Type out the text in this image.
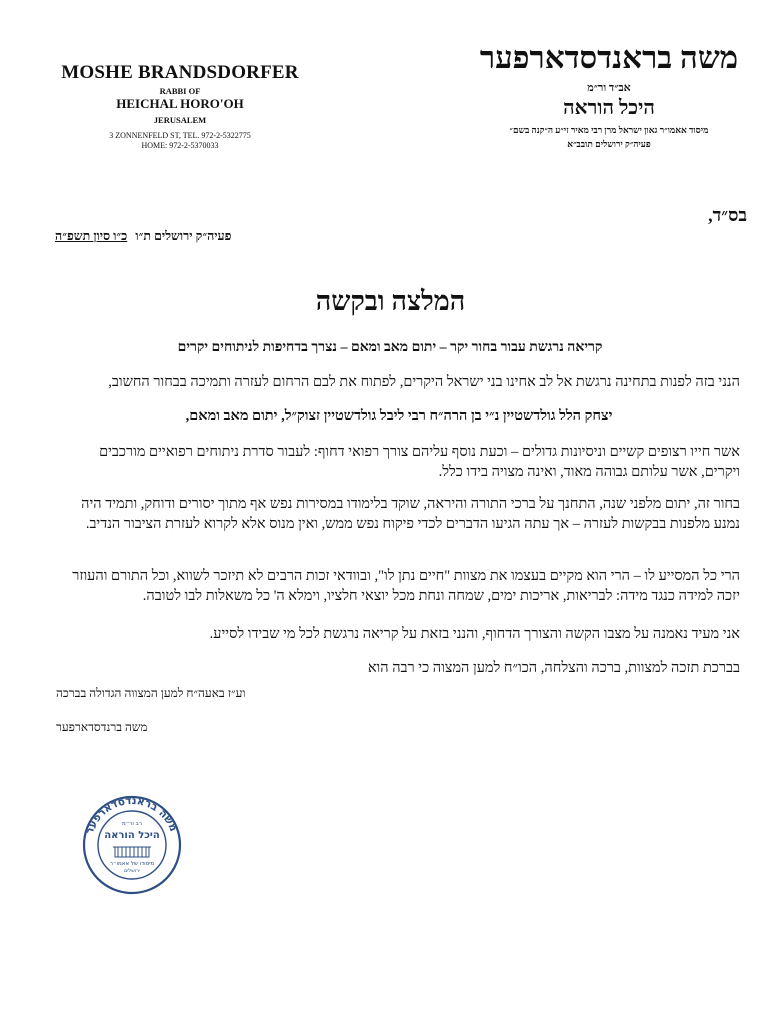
MOSHE BRANDSDORFER
RABBI OF
HEICHAL HORO'OH
JERUSALEM
3 ZONNENFELD ST, TEL. 972-2-5322775
HOME: 972-2-5370033
משה בראנדסדארפער
אב״ד ור״מ
היכל הוראה
מיסוד אאמו״ר גאון ישראל מרן רבי מאיר זי״ע ה״קנה בשם״
פעיה״ק ירושלים תובב״א
בס״ד,
פעיה״ק ירושלים ת״ו כ״ו סיון תשפ״ה
המלצה ובקשה
קריאה נרגשת עבור בחור יקר – יתום מאב ומאם – נצרך בדחיפות לניתוחים יקרים
הנני בזה לפנות בתחינה נרגשת אל לב אחינו בני ישראל היקרים, לפתוח את לבם הרחום לעזרה ותמיכה בבחור החשוב,
יצחק הלל גולדשטיין נ״י בן הרה״ח רבי ליבל גולדשטיין זצוק״ל, יתום מאב ומאם,
אשר חייו רצופים קשיים וניסיונות גדולים – וכעת נוסף עליהם צורך רפואי דחוף: לעבור סדרת ניתוחים רפואיים מורכבים ויקרים, אשר עלותם גבוהה מאוד, ואינה מצויה בידו כלל.
בחור זה, יתום מלפני שנה, התחנך על ברכי התורה והיראה, שוקד בלימודו במסירות נפש אף מתוך יסורים ודוחק, ותמיד היה נמנע מלפנות בבקשות לעזרה – אך עתה הגיעו הדברים לכדי פיקוח נפש ממש, ואין מנוס אלא לקרוא לעזרת הציבור הנדיב.
הרי כל המסייע לו – הרי הוא מקיים בעצמו את מצוות "חיים נתן לו", ובוודאי זכות הרבים לא תיזכר לשווא, וכל התורם והעוזר יזכה למידה כנגד מידה: לבריאות, אריכות ימים, שמחה ונחת מכל יוצאי חלציו, וימלא ה' כל משאלות לבו לטובה.
אני מעיד נאמנה על מצבו הקשה והצורך הדחוף, והנני בזאת על קריאה נרגשת לכל מי שבידו לסייע.
בברכת תזכה למצוות, ברכה והצלחה, הכו״ח למען המצוה כי רבה הוא
וע״ז באעה״ח למען המצווה הגדולה בברכה
משה ברנדסדארפער
משה בראנדסדארפער
רב ור״מ
היכל הוראה
מיסודו של אאמו״ר
ירושלים
